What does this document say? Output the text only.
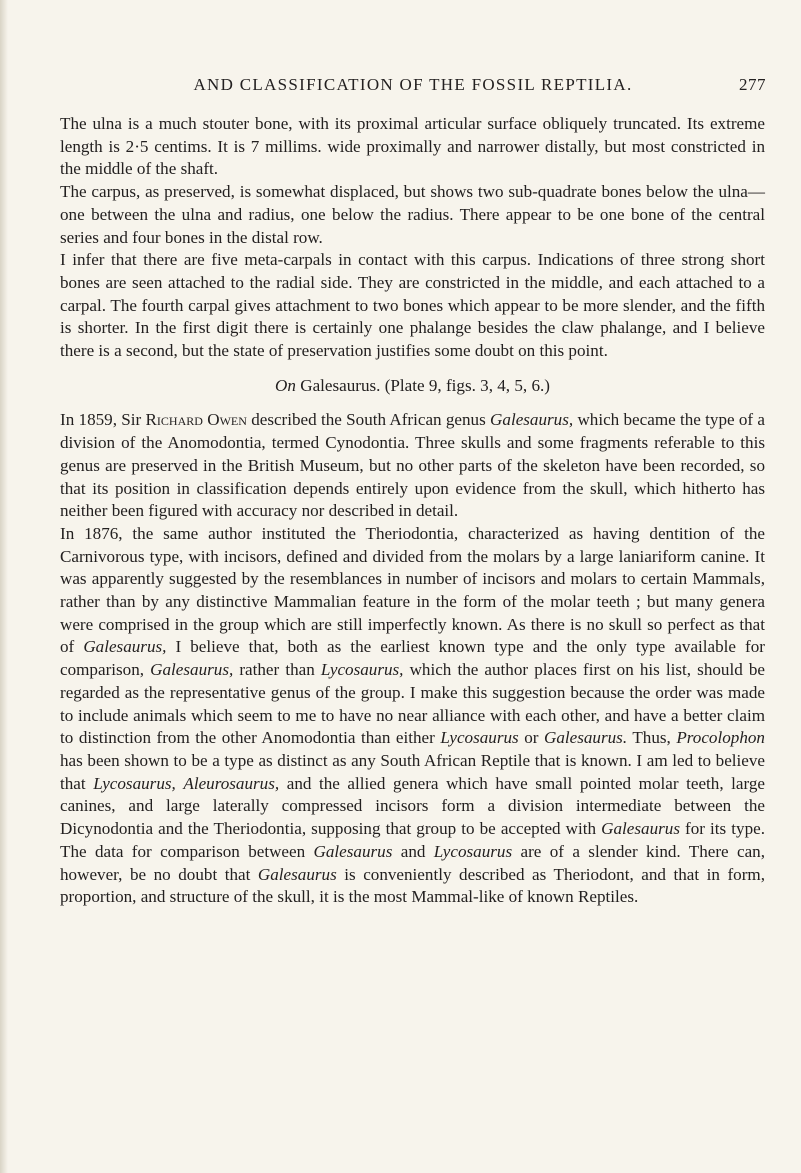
AND CLASSIFICATION OF THE FOSSIL REPTILIA.	277

The ulna is a much stouter bone, with its proximal articular surface obliquely truncated. Its extreme length is 2·5 centims. It is 7 millims. wide proximally and narrower distally, but most constricted in the middle of the shaft.

The carpus, as preserved, is somewhat displaced, but shows two sub-quadrate bones below the ulna—one between the ulna and radius, one below the radius. There appear to be one bone of the central series and four bones in the distal row.

I infer that there are five meta-carpals in contact with this carpus. Indications of three strong short bones are seen attached to the radial side. They are constricted in the middle, and each attached to a carpal. The fourth carpal gives attachment to two bones which appear to be more slender, and the fifth is shorter. In the first digit there is certainly one phalange besides the claw phalange, and I believe there is a second, but the state of preservation justifies some doubt on this point.

On Galesaurus. (Plate 9, figs. 3, 4, 5, 6.)

In 1859, Sir Richard Owen described the South African genus Galesaurus, which became the type of a division of the Anomodontia, termed Cynodontia. Three skulls and some fragments referable to this genus are preserved in the British Museum, but no other parts of the skeleton have been recorded, so that its position in classification depends entirely upon evidence from the skull, which hitherto has neither been figured with accuracy nor described in detail.

In 1876, the same author instituted the Theriodontia, characterized as having dentition of the Carnivorous type, with incisors, defined and divided from the molars by a large laniariform canine. It was apparently suggested by the resemblances in number of incisors and molars to certain Mammals, rather than by any distinctive Mammalian feature in the form of the molar teeth ; but many genera were comprised in the group which are still imperfectly known. As there is no skull so perfect as that of Galesaurus, I believe that, both as the earliest known type and the only type available for comparison, Galesaurus, rather than Lycosaurus, which the author places first on his list, should be regarded as the representative genus of the group. I make this suggestion because the order was made to include animals which seem to me to have no near alliance with each other, and have a better claim to distinction from the other Anomodontia than either Lycosaurus or Galesaurus. Thus, Procolophon has been shown to be a type as distinct as any South African Reptile that is known. I am led to believe that Lycosaurus, Aleurosaurus, and the allied genera which have small pointed molar teeth, large canines, and large laterally compressed incisors form a division intermediate between the Dicynodontia and the Theriodontia, supposing that group to be accepted with Galesaurus for its type. The data for comparison between Galesaurus and Lycosaurus are of a slender kind. There can, however, be no doubt that Galesaurus is conveniently described as Theriodont, and that in form, proportion, and structure of the skull, it is the most Mammal-like of known Reptiles.
